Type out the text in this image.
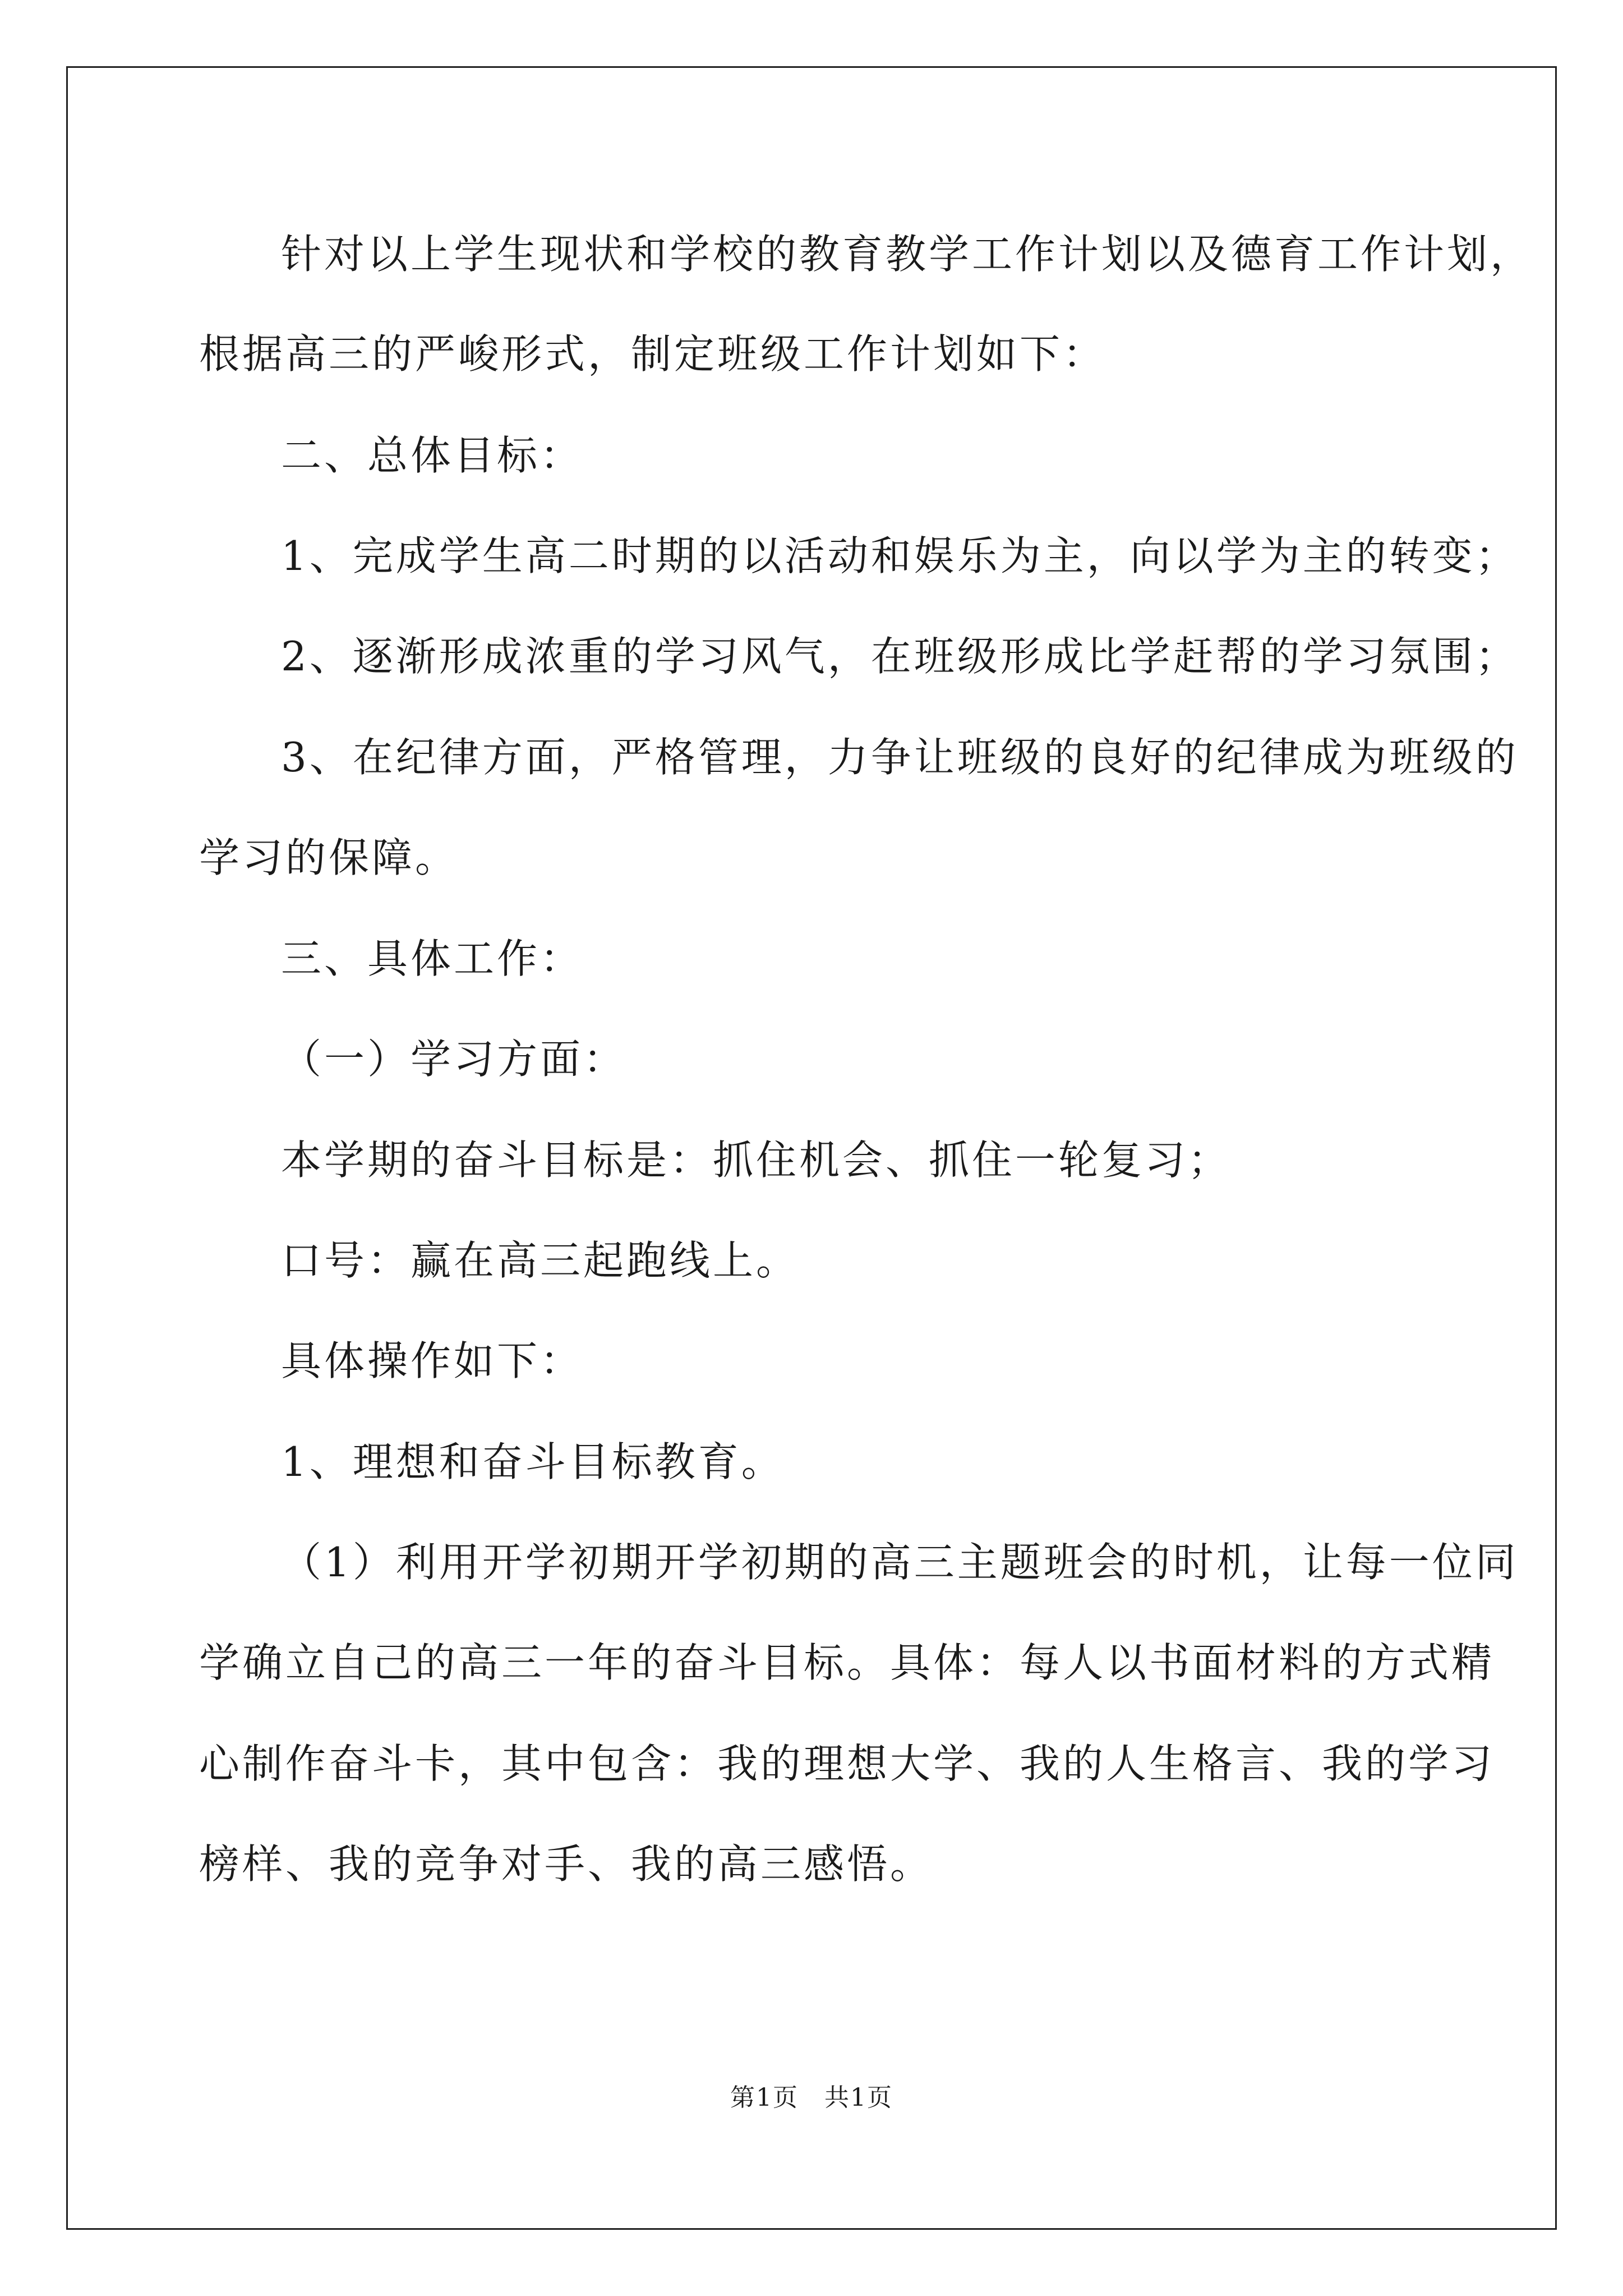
针对以上学生现状和学校的教育教学工作计划以及德育工作计划，
根据高三的严峻形式，制定班级工作计划如下：
二、总体目标：
1、完成学生高二时期的以活动和娱乐为主，向以学为主的转变；
2、逐渐形成浓重的学习风气，在班级形成比学赶帮的学习氛围；
3、在纪律方面，严格管理，力争让班级的良好的纪律成为班级的
学习的保障。
三、具体工作：
（一）学习方面：
本学期的奋斗目标是：抓住机会、抓住一轮复习；
口号：赢在高三起跑线上。
具体操作如下：
1、理想和奋斗目标教育。
（1）利用开学初期开学初期的高三主题班会的时机，让每一位同
学确立自己的高三一年的奋斗目标。具体：每人以书面材料的方式精
心制作奋斗卡，其中包含：我的理想大学、我的人生格言、我的学习
榜样、我的竞争对手、我的高三感悟。
第1页　共1页
